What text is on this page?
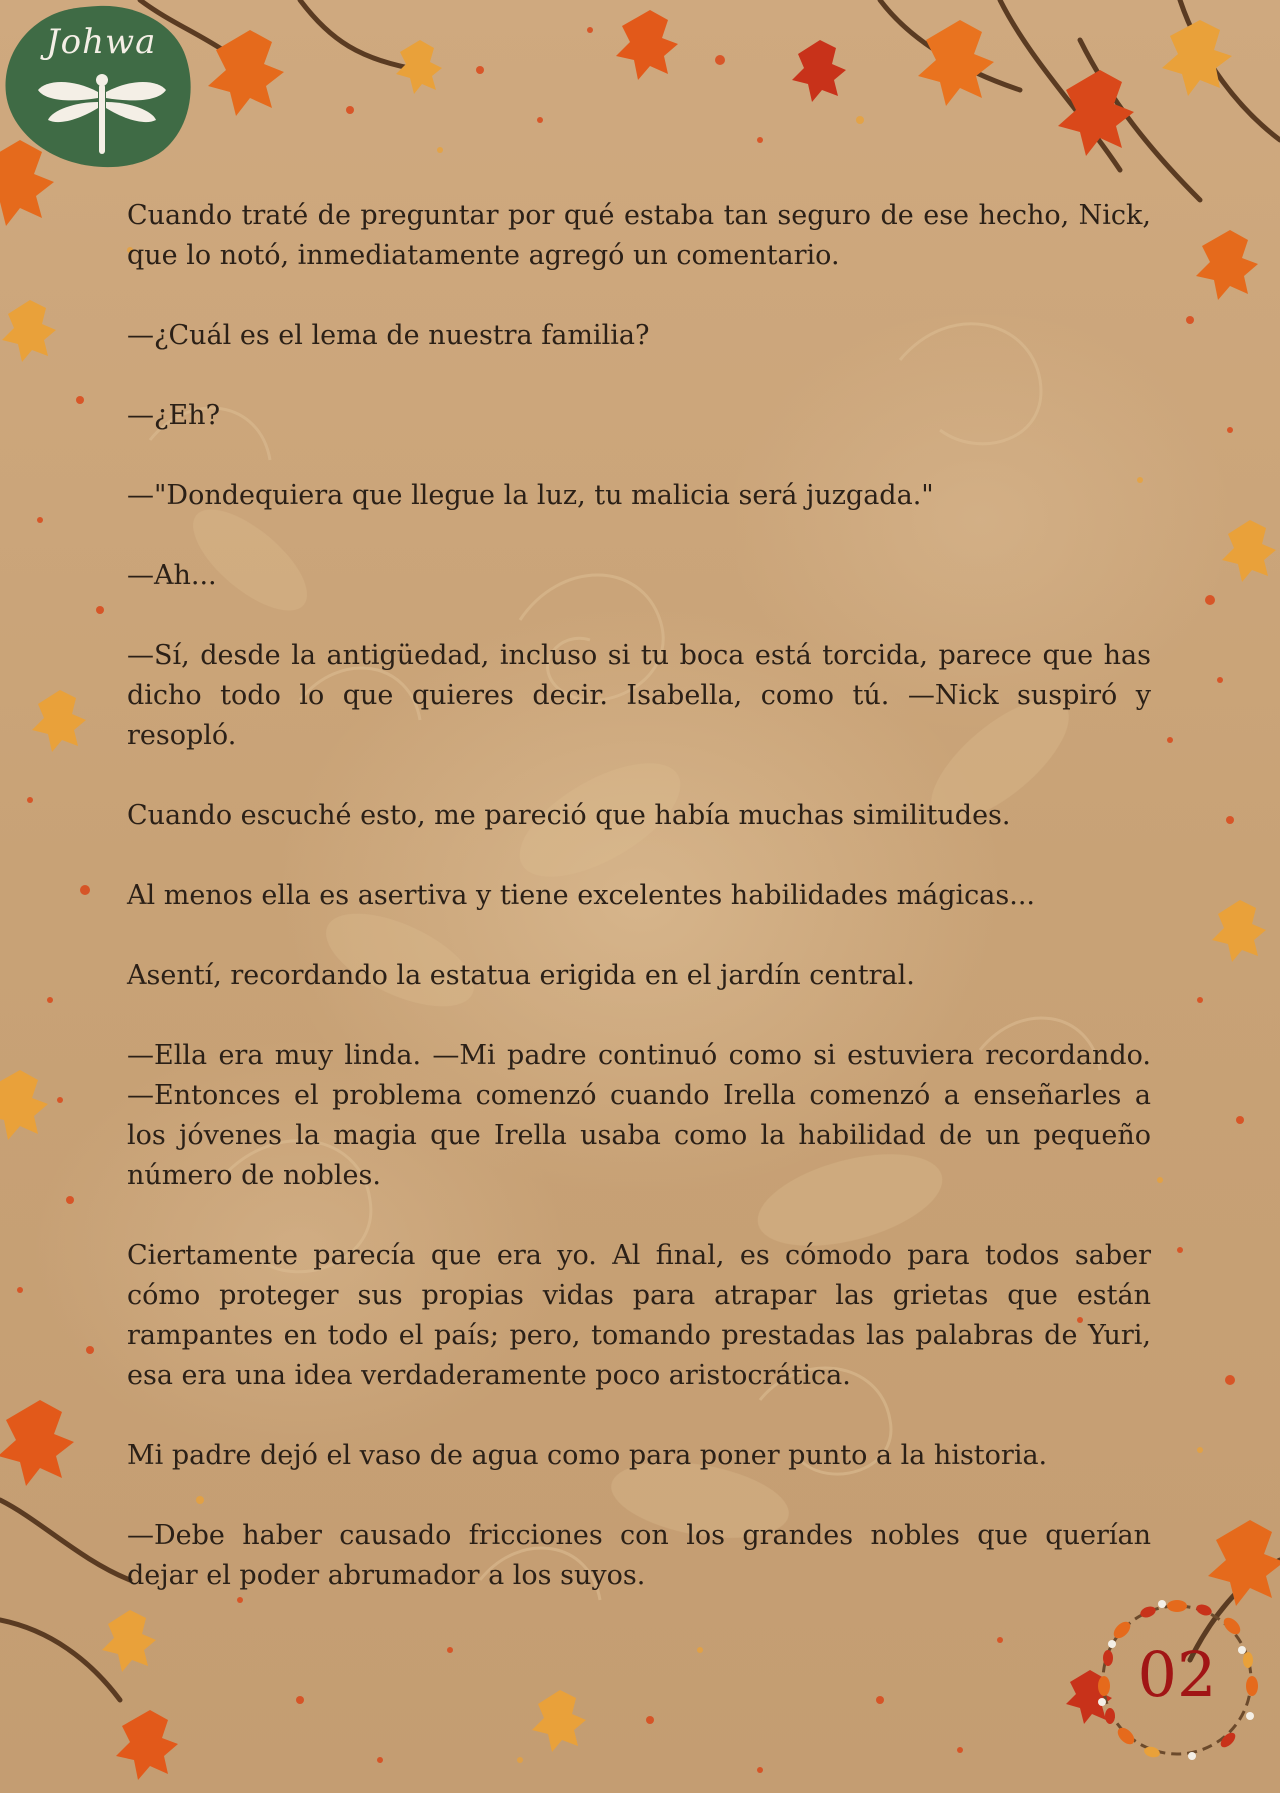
Johwa

Cuando traté de preguntar por qué estaba tan seguro de ese hecho, Nick, que lo notó, inmediatamente agregó un comentario.

—¿Cuál es el lema de nuestra familia?

—¿Eh?

—"Dondequiera que llegue la luz, tu malicia será juzgada."

—Ah...

—Sí, desde la antigüedad, incluso si tu boca está torcida, parece que has dicho todo lo que quieres decir. Isabella, como tú. —Nick suspiró y resopló.

Cuando escuché esto, me pareció que había muchas similitudes.

Al menos ella es asertiva y tiene excelentes habilidades mágicas...

Asentí, recordando la estatua erigida en el jardín central.

—Ella era muy linda. —Mi padre continuó como si estuviera recordando. —Entonces el problema comenzó cuando Irella comenzó a enseñarles a los jóvenes la magia que Irella usaba como la habilidad de un pequeño número de nobles.

Ciertamente parecía que era yo. Al final, es cómodo para todos saber cómo proteger sus propias vidas para atrapar las grietas que están rampantes en todo el país; pero, tomando prestadas las palabras de Yuri, esa era una idea verdaderamente poco aristocrática.

Mi padre dejó el vaso de agua como para poner punto a la historia.

—Debe haber causado fricciones con los grandes nobles que querían dejar el poder abrumador a los suyos.

02
